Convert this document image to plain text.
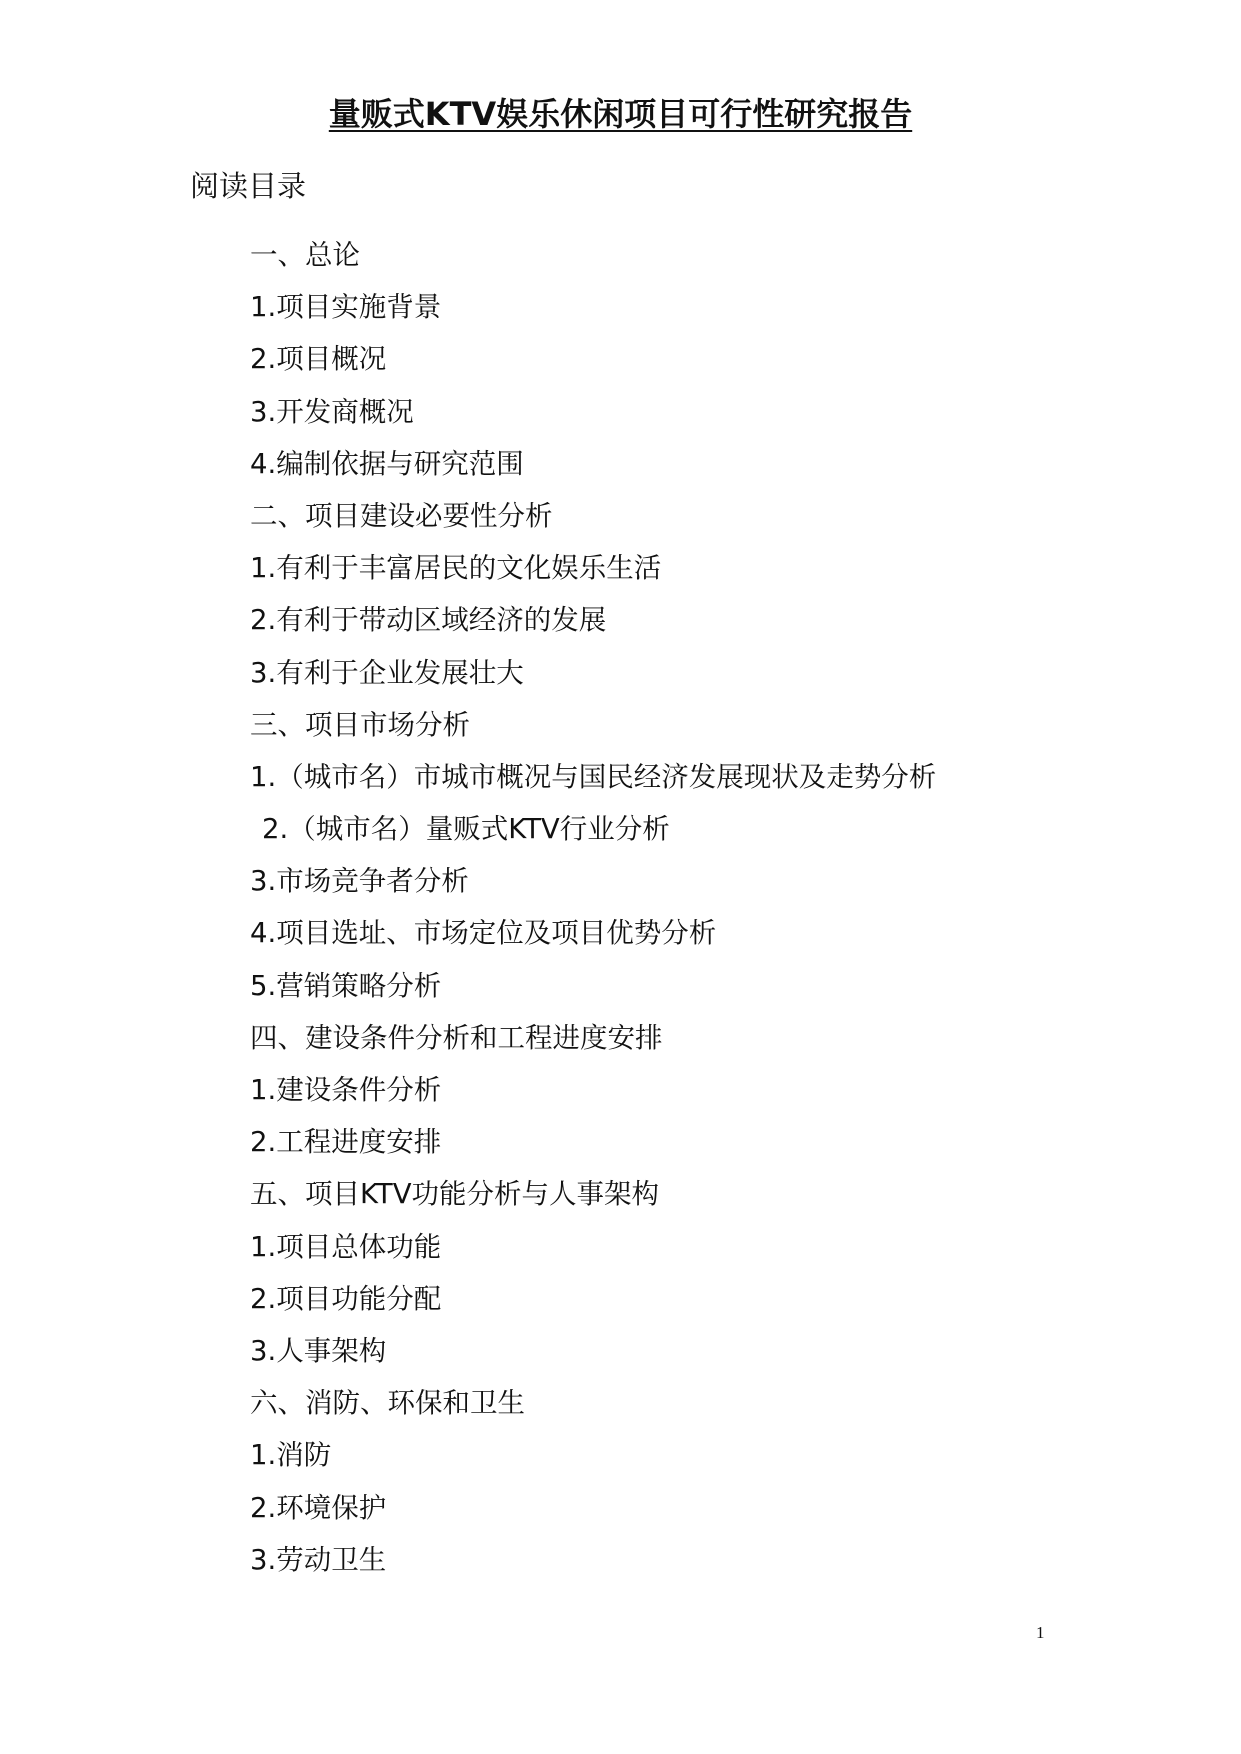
量贩式KTV娱乐休闲项目可行性研究报告
阅读目录
一、总论
1.项目实施背景
2.项目概况
3.开发商概况
4.编制依据与研究范围
二、项目建设必要性分析
1.有利于丰富居民的文化娱乐生活
2.有利于带动区域经济的发展
3.有利于企业发展壮大
三、项目市场分析
1.（城市名）市城市概况与国民经济发展现状及走势分析
2.（城市名）量贩式KTV行业分析
3.市场竞争者分析
4.项目选址、市场定位及项目优势分析
5.营销策略分析
四、建设条件分析和工程进度安排
1.建设条件分析
2.工程进度安排
五、项目KTV功能分析与人事架构
1.项目总体功能
2.项目功能分配
3.人事架构
六、消防、环保和卫生
1.消防
2.环境保护
3.劳动卫生
1
